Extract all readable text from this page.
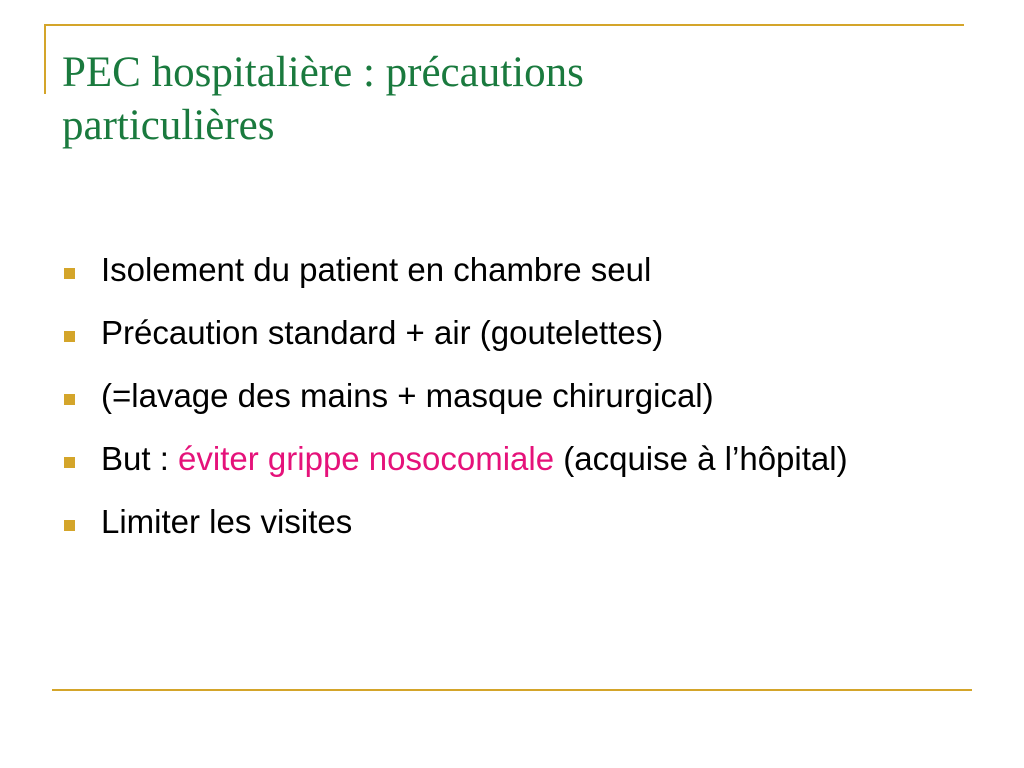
PEC hospitalière : précautions
particulières
Isolement du patient en chambre seul
Précaution standard + air (goutelettes)
(=lavage des mains + masque chirurgical)
But : éviter grippe nosocomiale (acquise à l’hôpital)
Limiter les visites
